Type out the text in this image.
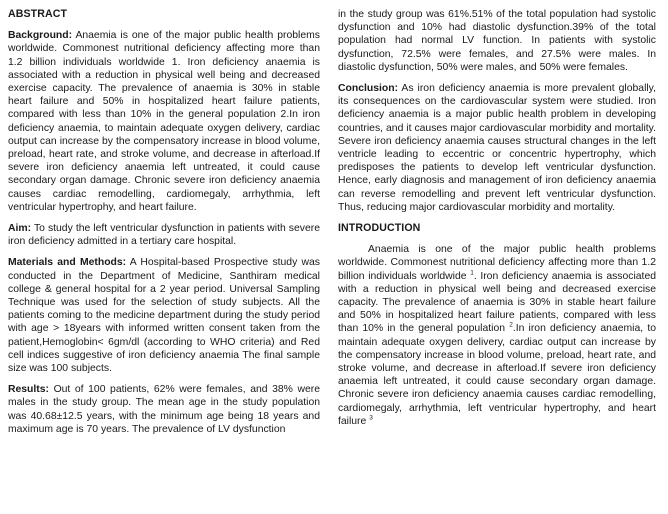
ABSTRACT

Background: Anaemia is one of the major public health problems worldwide. Commonest nutritional deficiency affecting more than 1.2 billion individuals worldwide 1. Iron deficiency anaemia is associated with a reduction in physical well being and decreased exercise capacity. The prevalence of anaemia is 30% in stable heart failure and 50% in hospitalized heart failure patients, compared with less than 10% in the general population 2.In iron deficiency anaemia, to maintain adequate oxygen delivery, cardiac output can increase by the compensatory increase in blood volume, preload, heart rate, and stroke volume, and decrease in afterload.If severe iron deficiency anaemia left untreated, it could cause secondary organ damage. Chronic severe iron deficiency anaemia causes cardiac remodelling, cardiomegaly, arrhythmia, left ventricular hypertrophy, and heart failure.

Aim: To study the left ventricular dysfunction in patients with severe iron deficiency admitted in a tertiary care hospital.

Materials and Methods: A Hospital-based Prospective study was conducted in the Department of Medicine, Santhiram medical college & general hospital for a 2 year period. Universal Sampling Technique was used for the selection of study subjects. All the patients coming to the medicine department during the study period with age > 18years with informed written consent taken from the patient,Hemoglobin< 6gm/dl (according to WHO criteria) and Red cell indices suggestive of iron deficiency anaemia The final sample size was 100 subjects.

Results: Out of 100 patients, 62% were females, and 38% were males in the study group. The mean age in the study population was 40.68±12.5 years, with the minimum age being 18 years and maximum age is 70 years. The prevalence of LV dysfunction

in the study group was 61%.51% of the total population had systolic dysfunction and 10% had diastolic dysfunction.39% of the total population had normal LV function. In patients with systolic dysfunction, 72.5% were females, and 27.5% were males. In diastolic dysfunction, 50% were males, and 50% were females.

Conclusion: As iron deficiency anaemia is more prevalent globally, its consequences on the cardiovascular system were studied. Iron deficiency anaemia is a major public health problem in developing countries, and it causes major cardiovascular morbidity and mortality. Severe iron deficiency anaemia causes structural changes in the left ventricle leading to eccentric or concentric hypertrophy, which predisposes the patients to develop left ventricular dysfunction. Hence, early diagnosis and management of iron deficiency anaemia can reverse remodelling and prevent left ventricular dysfunction. Thus, reducing major cardiovascular morbidity and mortality.

INTRODUCTION

Anaemia is one of the major public health problems worldwide. Commonest nutritional deficiency affecting more than 1.2 billion individuals worldwide $^1$. Iron deficiency anaemia is associated with a reduction in physical well being and decreased exercise capacity. The prevalence of anaemia is 30% in stable heart failure and 50% in hospitalized heart failure patients, compared with less than 10% in the general population $^2$.In iron deficiency anaemia, to maintain adequate oxygen delivery, cardiac output can increase by the compensatory increase in blood volume, preload, heart rate, and stroke volume, and decrease in afterload.If severe iron deficiency anaemia left untreated, it could cause secondary organ damage. Chronic severe iron deficiency anaemia causes cardiac remodelling, cardiomegaly, arrhythmia, left ventricular hypertrophy, and heart failure $^3$
